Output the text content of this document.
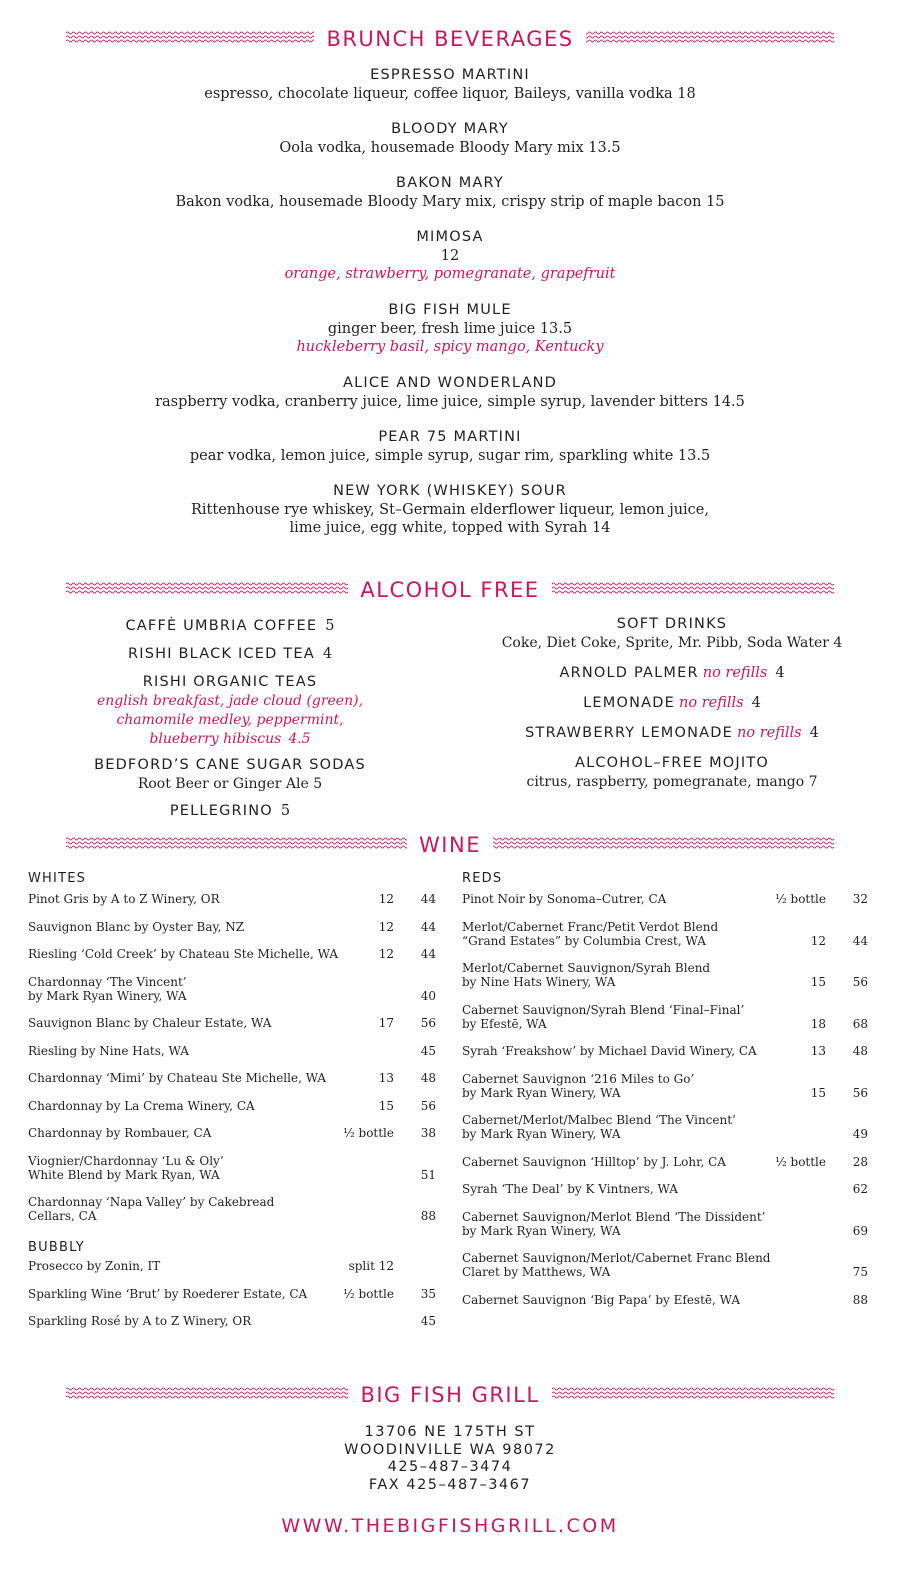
BRUNCH BEVERAGES
ESPRESSO MARTINI
espresso, chocolate liqueur, coffee liquor, Baileys, vanilla vodka 18
BLOODY MARY
Oola vodka, housemade Bloody Mary mix 13.5
BAKON MARY
Bakon vodka, housemade Bloody Mary mix, crispy strip of maple bacon 15
MIMOSA
12
orange, strawberry, pomegranate, grapefruit
BIG FISH MULE
ginger beer, fresh lime juice 13.5
huckleberry basil, spicy mango, Kentucky
ALICE AND WONDERLAND
raspberry vodka, cranberry juice, lime juice, simple syrup, lavender bitters 14.5
PEAR 75 MARTINI
pear vodka, lemon juice, simple syrup, sugar rim, sparkling white 13.5
NEW YORK (WHISKEY) SOUR
Rittenhouse rye whiskey, St–Germain elderflower liqueur, lemon juice,
lime juice, egg white, topped with Syrah 14
ALCOHOL FREE
CAFFÈ UMBRIA COFFEE 5
RISHI BLACK ICED TEA 4
RISHI ORGANIC TEAS
english breakfast, jade cloud (green),
chamomile medley, peppermint,
blueberry hibiscus 4.5
BEDFORD’S CANE SUGAR SODAS
Root Beer or Ginger Ale 5
PELLEGRINO 5
SOFT DRINKS
Coke, Diet Coke, Sprite, Mr. Pibb, Soda Water 4
ARNOLD PALMER no refills 4
LEMONADE no refills 4
STRAWBERRY LEMONADE no refills 4
ALCOHOL–FREE MOJITO
citrus, raspberry, pomegranate, mango 7
WINE
WHITES
Pinot Gris by A to Z Winery, OR	12 44
Sauvignon Blanc by Oyster Bay, NZ	12 44
Riesling ‘Cold Creek’ by Chateau Ste Michelle, WA	12 44
Chardonnay ‘The Vincent’
by Mark Ryan Winery, WA	40
Sauvignon Blanc by Chaleur Estate, WA	17 56
Riesling by Nine Hats, WA	45
Chardonnay ‘Mimi’ by Chateau Ste Michelle, WA	13 48
Chardonnay by La Crema Winery, CA	15 56
Chardonnay by Rombauer, CA	½ bottle 38
Viognier/Chardonnay ‘Lu & Oly’
White Blend by Mark Ryan, WA	51
Chardonnay ‘Napa Valley’ by Cakebread
Cellars, CA	88
BUBBLY
Prosecco by Zonin, IT	split 12
Sparkling Wine ‘Brut’ by Roederer Estate, CA	½ bottle 35
Sparkling Rosé by A to Z Winery, OR	45
REDS
Pinot Noir by Sonoma–Cutrer, CA	½ bottle 32
Merlot/Cabernet Franc/Petit Verdot Blend
“Grand Estates” by Columbia Crest, WA	12 44
Merlot/Cabernet Sauvignon/Syrah Blend
by Nine Hats Winery, WA	15 56
Cabernet Sauvignon/Syrah Blend ‘Final–Final’
by Efestē, WA	18 68
Syrah ‘Freakshow’ by Michael David Winery, CA	13 48
Cabernet Sauvignon ‘216 Miles to Go’
by Mark Ryan Winery, WA	15 56
Cabernet/Merlot/Malbec Blend ‘The Vincent’
by Mark Ryan Winery, WA	49
Cabernet Sauvignon ‘Hilltop’ by J. Lohr, CA	½ bottle 28
Syrah ‘The Deal’ by K Vintners, WA	62
Cabernet Sauvignon/Merlot Blend ‘The Dissident’
by Mark Ryan Winery, WA	69
Cabernet Sauvignon/Merlot/Cabernet Franc Blend
Claret by Matthews, WA	75
Cabernet Sauvignon ‘Big Papa’ by Efestē, WA	88
BIG FISH GRILL
13706 NE 175TH ST
WOODINVILLE WA 98072
425–487–3474
FAX 425–487–3467
WWW.THEBIGFISHGRILL.COM
